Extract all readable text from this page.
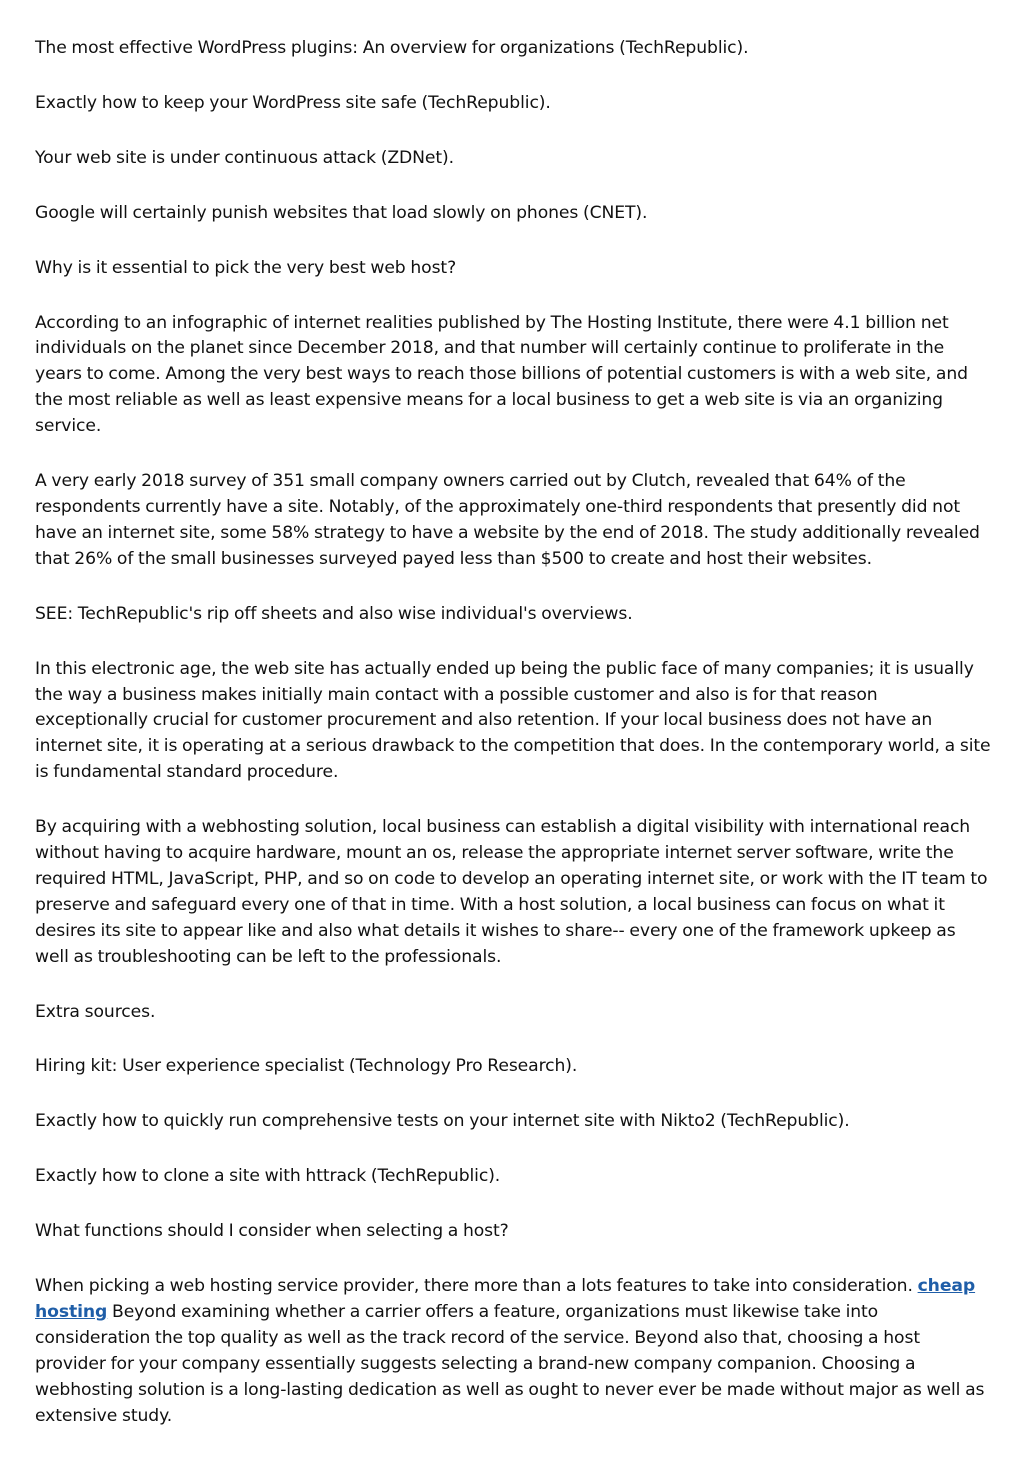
The most effective WordPress plugins: An overview for organizations (TechRepublic).

Exactly how to keep your WordPress site safe (TechRepublic).

Your web site is under continuous attack (ZDNet).

Google will certainly punish websites that load slowly on phones (CNET).

Why is it essential to pick the very best web host?

According to an infographic of internet realities published by The Hosting Institute, there were 4.1 billion net individuals on the planet since December 2018, and that number will certainly continue to proliferate in the years to come. Among the very best ways to reach those billions of potential customers is with a web site, and the most reliable as well as least expensive means for a local business to get a web site is via an organizing service.

A very early 2018 survey of 351 small company owners carried out by Clutch, revealed that 64% of the respondents currently have a site. Notably, of the approximately one-third respondents that presently did not have an internet site, some 58% strategy to have a website by the end of 2018. The study additionally revealed that 26% of the small businesses surveyed payed less than $500 to create and host their websites.

SEE: TechRepublic's rip off sheets and also wise individual's overviews.

In this electronic age, the web site has actually ended up being the public face of many companies; it is usually the way a business makes initially main contact with a possible customer and also is for that reason exceptionally crucial for customer procurement and also retention. If your local business does not have an internet site, it is operating at a serious drawback to the competition that does. In the contemporary world, a site is fundamental standard procedure.

By acquiring with a webhosting solution, local business can establish a digital visibility with international reach without having to acquire hardware, mount an os, release the appropriate internet server software, write the required HTML, JavaScript, PHP, and so on code to develop an operating internet site, or work with the IT team to preserve and safeguard every one of that in time. With a host solution, a local business can focus on what it desires its site to appear like and also what details it wishes to share-- every one of the framework upkeep as well as troubleshooting can be left to the professionals.

Extra sources.

Hiring kit: User experience specialist (Technology Pro Research).

Exactly how to quickly run comprehensive tests on your internet site with Nikto2 (TechRepublic).

Exactly how to clone a site with httrack (TechRepublic).

What functions should I consider when selecting a host?

When picking a web hosting service provider, there more than a lots features to take into consideration. cheap hosting Beyond examining whether a carrier offers a feature, organizations must likewise take into consideration the top quality as well as the track record of the service. Beyond also that, choosing a host provider for your company essentially suggests selecting a brand-new company companion. Choosing a webhosting solution is a long-lasting dedication as well as ought to never ever be made without major as well as extensive study.
